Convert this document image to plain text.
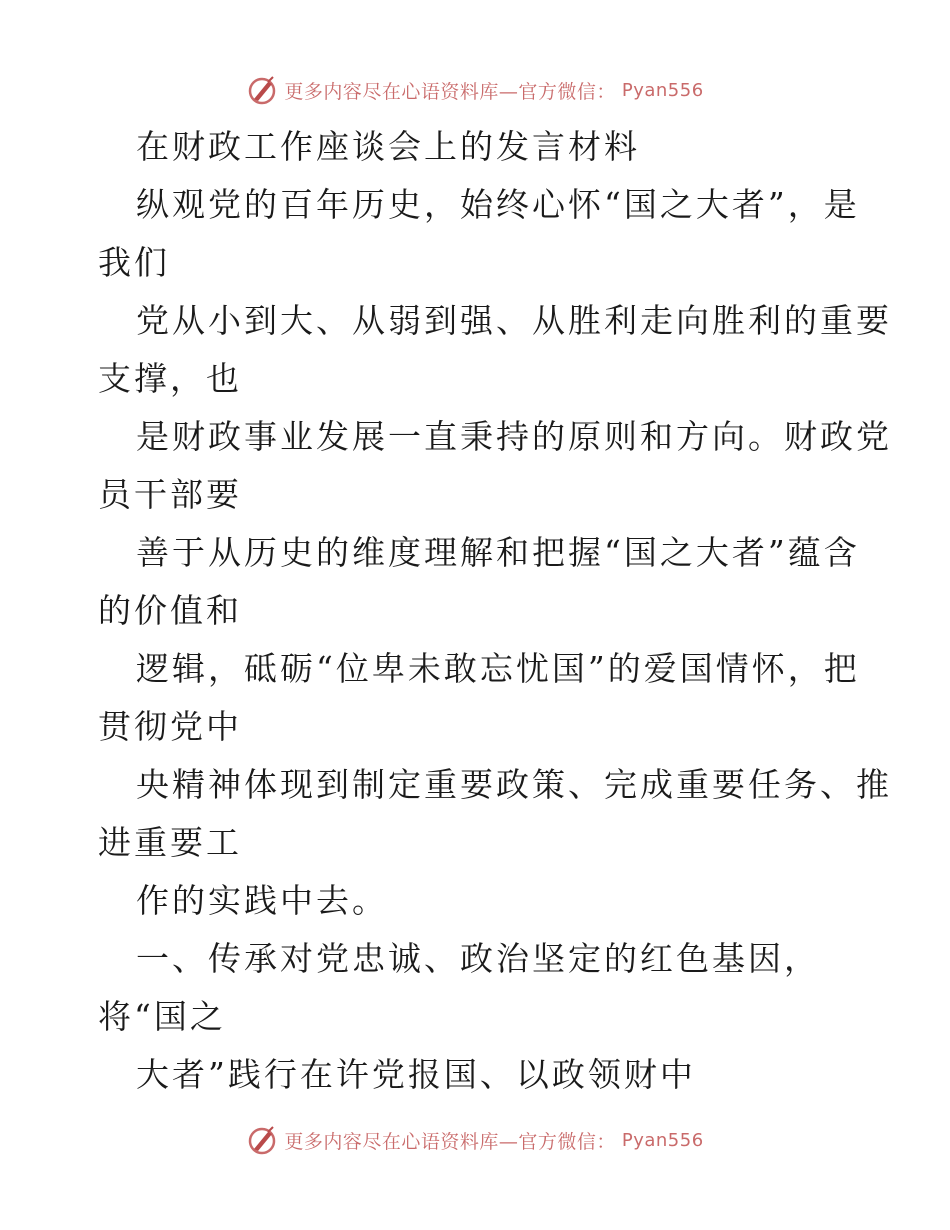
更多内容尽在心语资料库—官方微信： Pyan556
在财政工作座谈会上的发言材料
纵观党的百年历史，始终心怀“国之大者”，是
我们
党从小到大、从弱到强、从胜利走向胜利的重要
支撑，也
是财政事业发展一直秉持的原则和方向。财政党
员干部要
善于从历史的维度理解和把握“国之大者”蕴含
的价值和
逻辑，砥砺“位卑未敢忘忧国”的爱国情怀，把
贯彻党中
央精神体现到制定重要政策、完成重要任务、推
进重要工
作的实践中去。
一、传承对党忠诚、政治坚定的红色基因，
将“国之
大者”践行在许党报国、以政领财中
更多内容尽在心语资料库—官方微信： Pyan556
